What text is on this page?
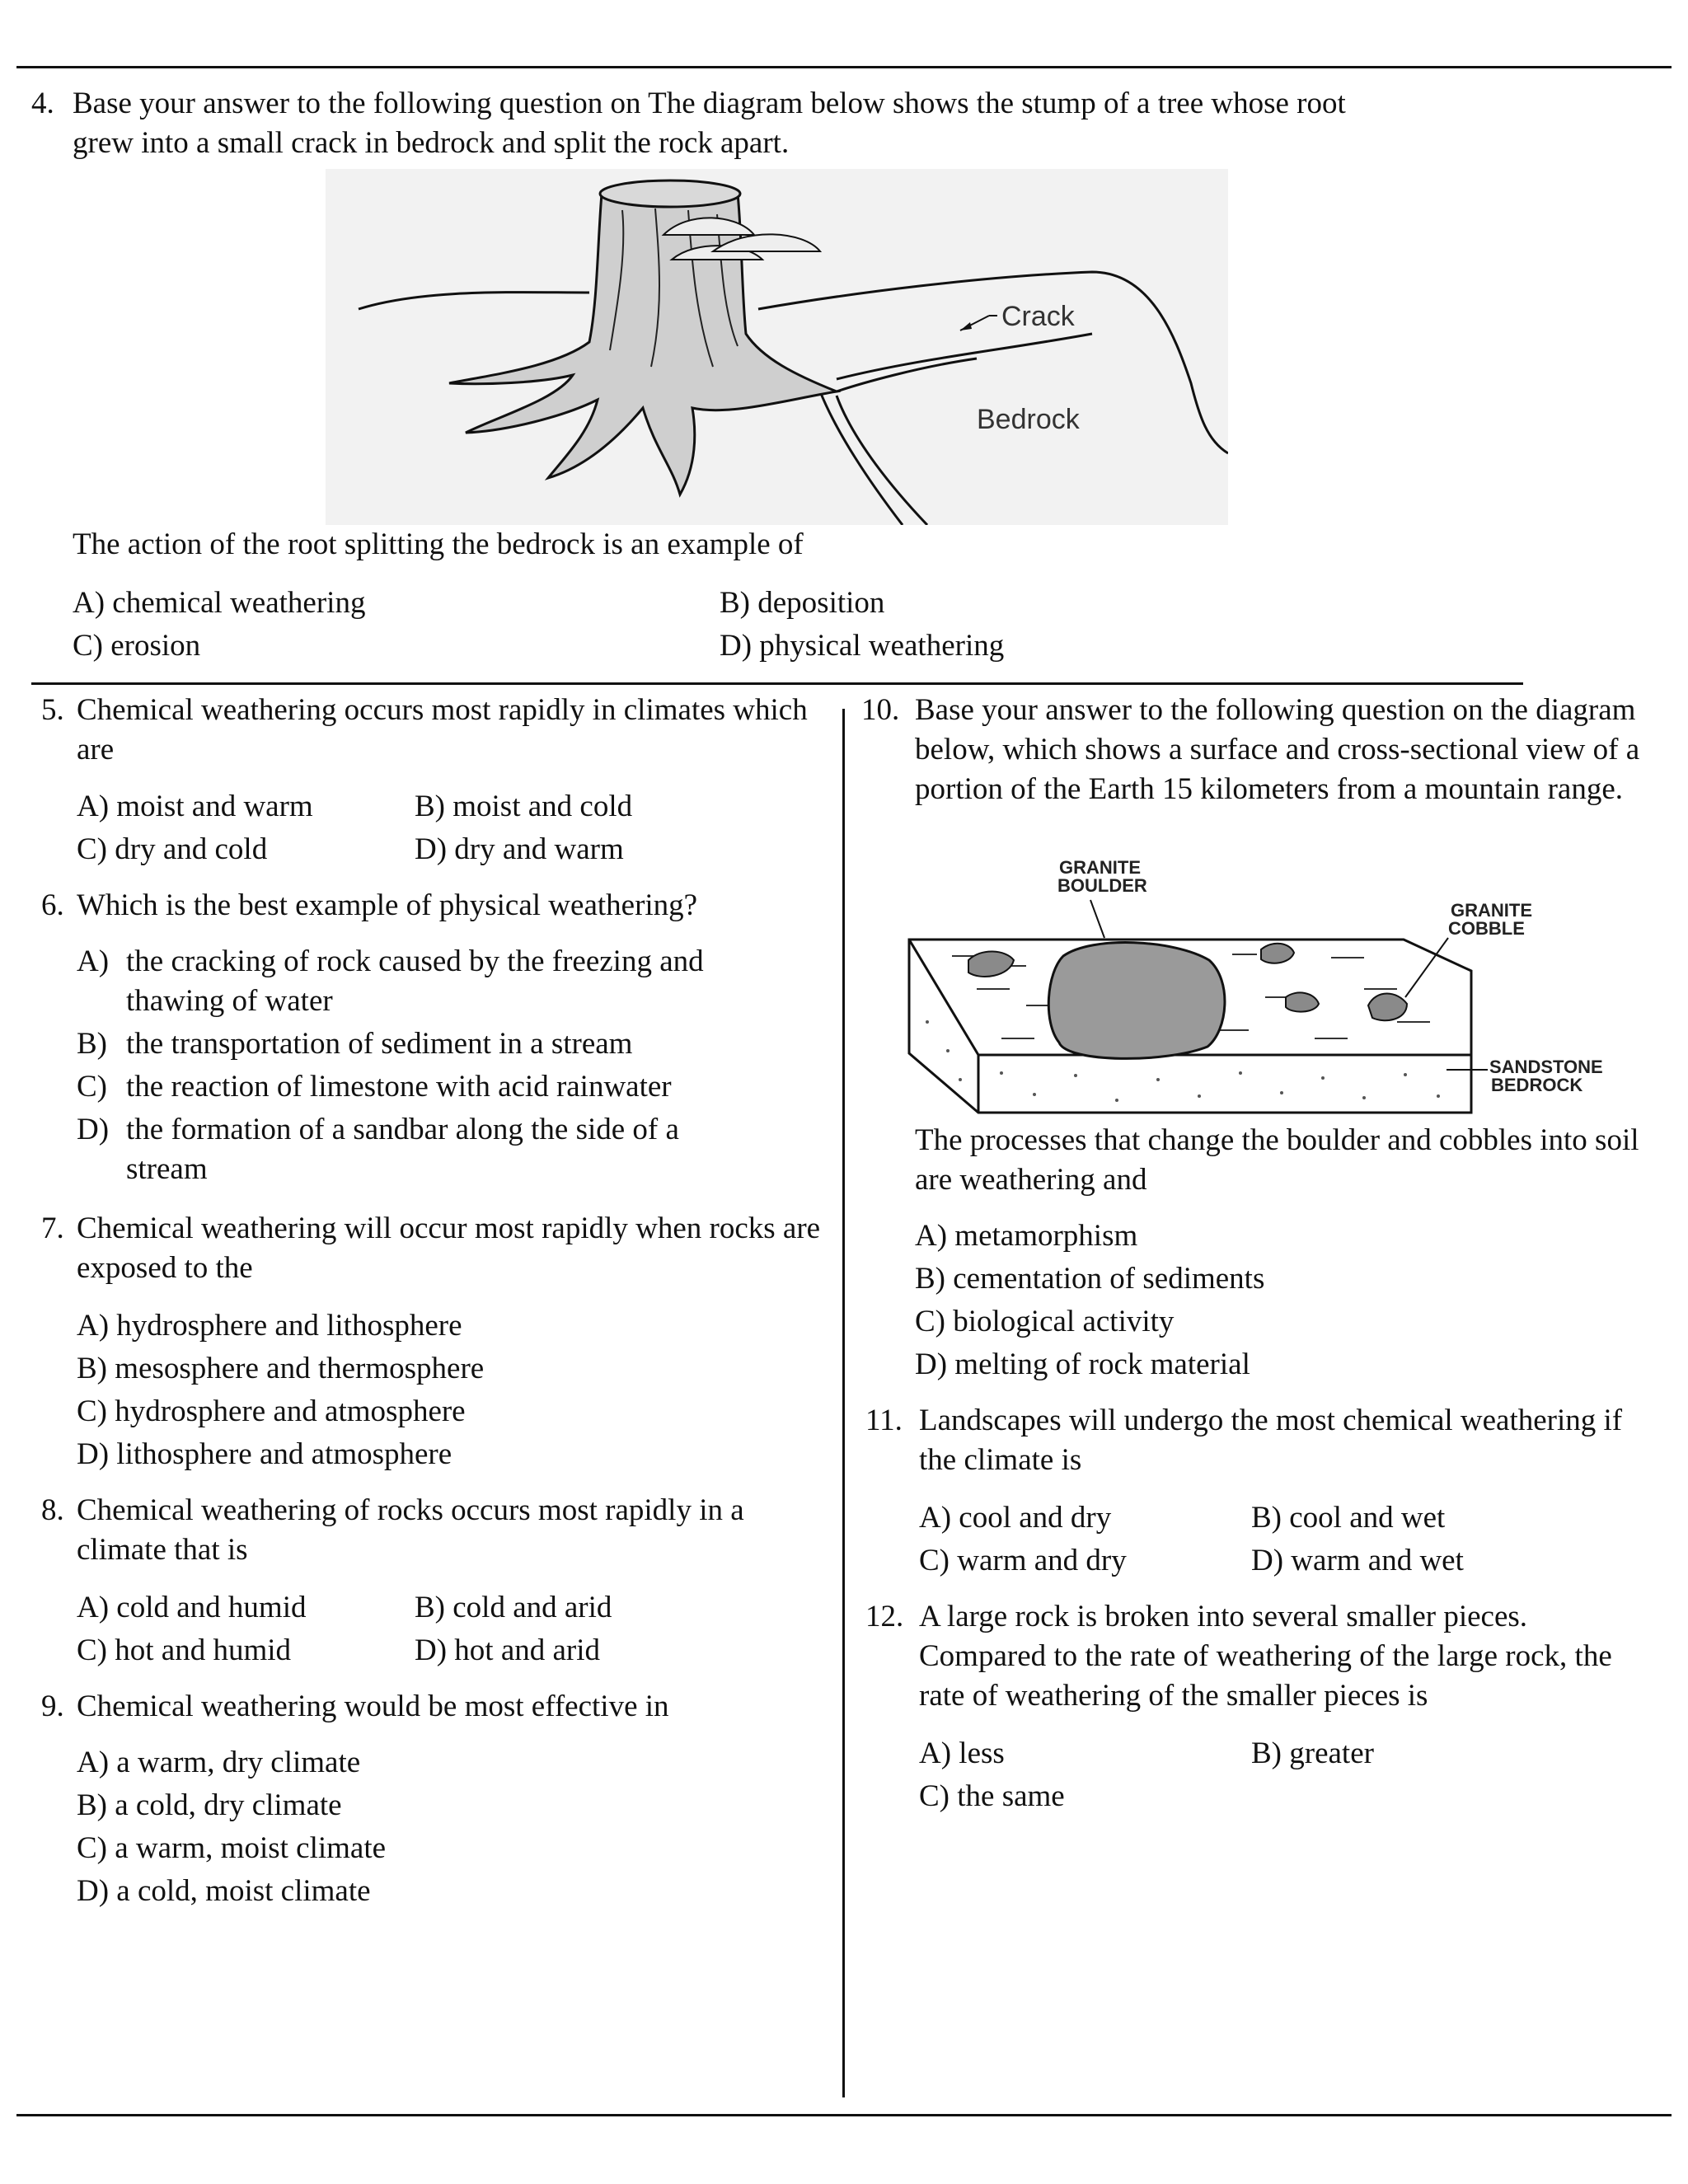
4. Base your answer to the following question on The diagram below shows the stump of a tree whose root
grew into a small crack in bedrock and split the rock apart.
Crack
Bedrock
The action of the root splitting the bedrock is an example of
A) chemical weathering	B) deposition
C) erosion	D) physical weathering
5. Chemical weathering occurs most rapidly in climates which are
A) moist and warm	B) moist and cold
C) dry and cold	D) dry and warm
6. Which is the best example of physical weathering?
A) the cracking of rock caused by the freezing and thawing of water
B) the transportation of sediment in a stream
C) the reaction of limestone with acid rainwater
D) the formation of a sandbar along the side of a stream
7. Chemical weathering will occur most rapidly when rocks are exposed to the
A) hydrosphere and lithosphere
B) mesosphere and thermosphere
C) hydrosphere and atmosphere
D) lithosphere and atmosphere
8. Chemical weathering of rocks occurs most rapidly in a climate that is
A) cold and humid	B) cold and arid
C) hot and humid	D) hot and arid
9. Chemical weathering would be most effective in
A) a warm, dry climate
B) a cold, dry climate
C) a warm, moist climate
D) a cold, moist climate
10. Base your answer to the following question on the diagram below, which shows a surface and cross-sectional view of a portion of the Earth 15 kilometers from a mountain range.
GRANITE
BOULDER
GRANITE
COBBLE
SANDSTONE
BEDROCK
The processes that change the boulder and cobbles into soil are weathering and
A) metamorphism
B) cementation of sediments
C) biological activity
D) melting of rock material
11. Landscapes will undergo the most chemical weathering if the climate is
A) cool and dry	B) cool and wet
C) warm and dry	D) warm and wet
12. A large rock is broken into several smaller pieces. Compared to the rate of weathering of the large rock, the rate of weathering of the smaller pieces is
A) less	B) greater
C) the same
